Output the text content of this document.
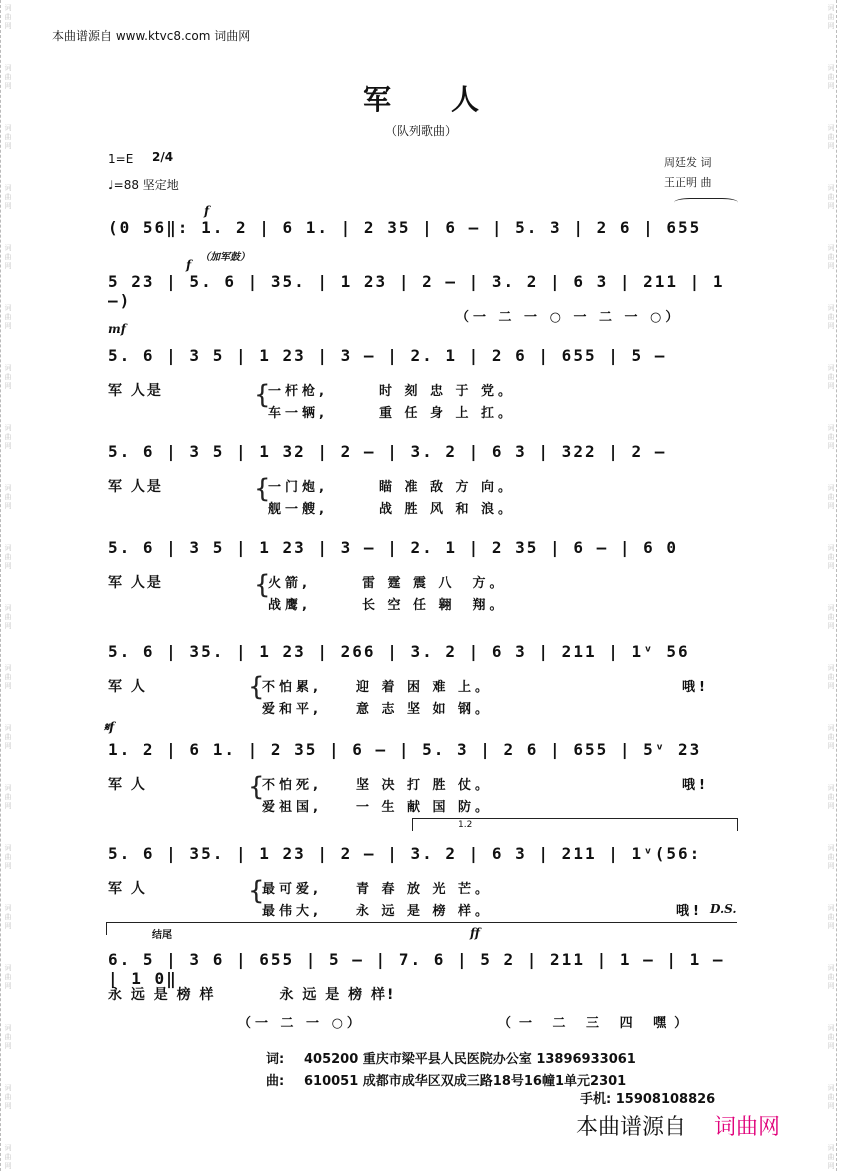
词曲网
词曲网
词曲网
词曲网
词曲网
词曲网
词曲网
词曲网
词曲网
词曲网
词曲网
词曲网
词曲网
词曲网
词曲网
词曲网
词曲网
词曲网
词曲网
词曲网
词曲网
词曲网
词曲网
词曲网
词曲网
词曲网
词曲网
词曲网
词曲网
词曲网
词曲网
词曲网
词曲网
词曲网
词曲网
词曲网
词曲网
词曲网
词曲网
词曲网
本曲谱源自 www.ktvc8.com 词曲网
军人
（队列歌曲）
1=E 2/4
♩=88 坚定地
周廷发 词
王正明 曲
(0 56‖: 1. 2 | 6 1. | 2 35 | 6 – | 5. 3 | 2 6 | 655
f
（加军鼓）
5 23 | 5. 6 | 35. | 1 23 | 2 – | 3. 2 | 6 3 | 211 | 1 –)
f
（一 二 一 ○ 一 二 一 ○）
mf
5. 6 | 3 5 | 1 23 | 3 – | 2. 1 | 2 6 | 655 | 5 –
军 人是	{
一杆枪,　　　时 刻 忠 于 党。
车一辆,　　　重 任 身 上 扛。
5. 6 | 3 5 | 1 32 | 2 – | 3. 2 | 6 3 | 322 | 2 –
军 人是	{
一门炮,　　　瞄 准 敌 方 向。
舰一艘,　　　战 胜 风 和 浪。
5. 6 | 3 5 | 1 23 | 3 – | 2. 1 | 2 35 | 6 – | 6 0
军 人是	{
火箭,　　　雷 霆 震 八　方。
战鹰,　　　长 空 任 翱　翔。
5. 6 | 35. | 1 23 | 266 | 3. 2 | 6 3 | 211 | 1ᵛ 56
军 人	{
不怕累,　　迎 着 困 难 上。
爱和平,　　意 志 坚 如 钢。
哦!
𝄋f
1. 2 | 6 1. | 2 35 | 6 – | 5. 3 | 2 6 | 655 | 5ᵛ 23
军 人	{
不怕死,　　坚 决 打 胜 仗。
爱祖国,　　一 生 献 国 防。
哦!
1.2
5. 6 | 35. | 1 23 | 2 – | 3. 2 | 6 3 | 211 | 1ᵛ(56:
军 人	{
最可爱,　　青 春 放 光 芒。
最伟大,　　永 远 是 榜 样。	哦! D.S.
结尾	ff
6. 5 | 3 6 | 655 | 5 – | 7. 6 | 5 2 | 211 | 1 – | 1 – | 1 0‖
永 远 是 榜 样　　　　永 远 是 榜 样!
（一 二 一 ○）	（一 二 三 四 嘿）
词: 405200 重庆市梁平县人民医院办公室 13896933061
曲: 610051 成都市成华区双成三路18号16幢1单元2301
手机: 15908108826
本曲谱源自 词曲网
